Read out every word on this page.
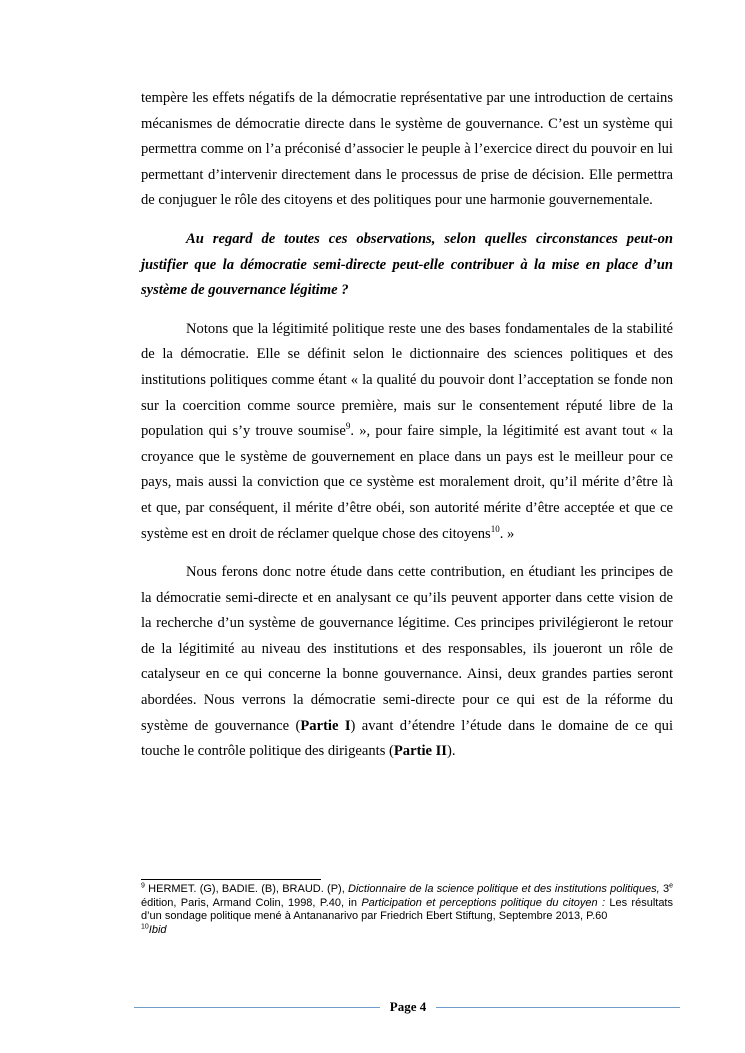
tempère les effets négatifs de la démocratie représentative par une introduction de certains mécanismes de démocratie directe dans le système de gouvernance. C’est un système qui permettra comme on l’a préconisé d’associer le peuple à l’exercice direct du pouvoir en lui permettant d’intervenir directement dans le processus de prise de décision. Elle permettra de conjuguer le rôle des citoyens et des politiques pour une harmonie gouvernementale.

Au regard de toutes ces observations, selon quelles circonstances peut-on justifier que la démocratie semi-directe peut-elle contribuer à la mise en place d’un système de gouvernance légitime ?

Notons que la légitimité politique reste une des bases fondamentales de la stabilité de la démocratie. Elle se définit selon le dictionnaire des sciences politiques et des institutions politiques comme étant « la qualité du pouvoir dont l’acceptation se fonde non sur la coercition comme source première, mais sur le consentement réputé libre de la population qui s’y trouve soumise$^9$. », pour faire simple, la légitimité est avant tout « la croyance que le système de gouvernement en place dans un pays est le meilleur pour ce pays, mais aussi la conviction que ce système est moralement droit, qu’il mérite d’être là et que, par conséquent, il mérite d’être obéi, son autorité mérite d’être acceptée et que ce système est en droit de réclamer quelque chose des citoyens$^{10}$. »

Nous ferons donc notre étude dans cette contribution, en étudiant les principes de la démocratie semi-directe et en analysant ce qu’ils peuvent apporter dans cette vision de la recherche d’un système de gouvernance légitime. Ces principes privilégieront le retour de la légitimité au niveau des institutions et des responsables, ils joueront un rôle de catalyseur en ce qui concerne la bonne gouvernance. Ainsi, deux grandes parties seront abordées. Nous verrons la démocratie semi-directe pour ce qui est de la réforme du système de gouvernance (Partie I) avant d’étendre l’étude dans le domaine de ce qui touche le contrôle politique des dirigeants (Partie II).

$^9$ HERMET. (G), BADIE. (B), BRAUD. (P), Dictionnaire de la science politique et des institutions politiques, 3e édition, Paris, Armand Colin, 1998, P.40, in Participation et perceptions politique du citoyen : Les résultats d’un sondage politique mené à Antananarivo par Friedrich Ebert Stiftung, Septembre 2013, P.60

$^{10}$Ibid

Page 4
